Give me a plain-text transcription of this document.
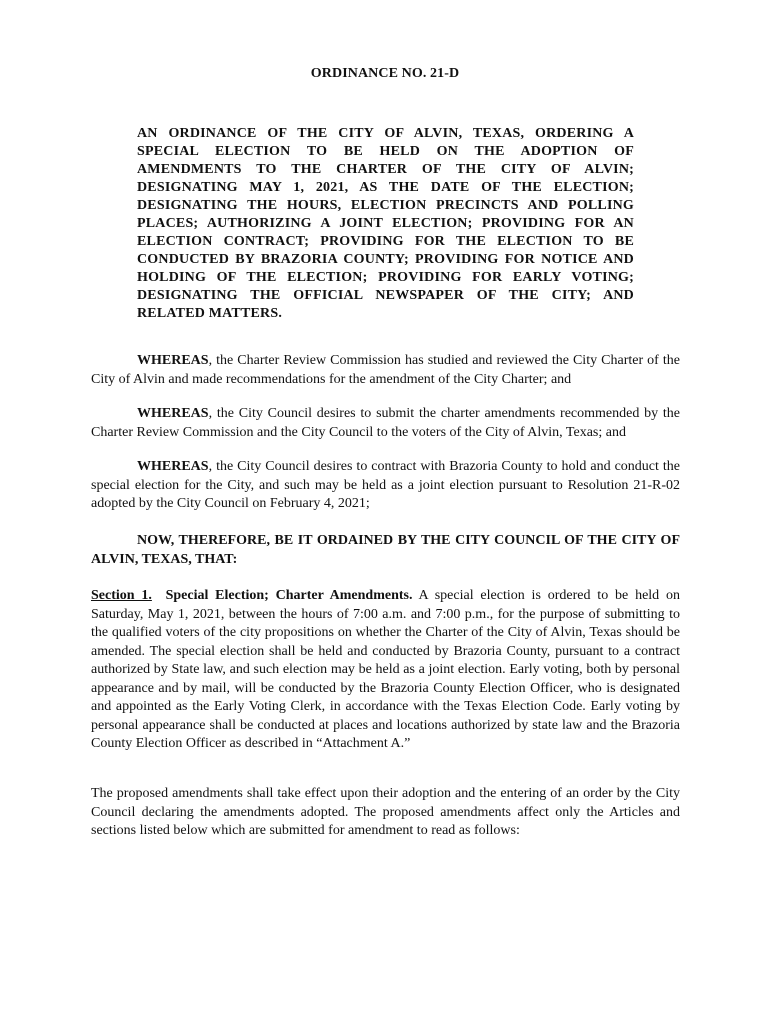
ORDINANCE NO. 21-D
AN ORDINANCE OF THE CITY OF ALVIN, TEXAS, ORDERING A SPECIAL ELECTION TO BE HELD ON THE ADOPTION OF AMENDMENTS TO THE CHARTER OF THE CITY OF ALVIN; DESIGNATING MAY 1, 2021, AS THE DATE OF THE ELECTION; DESIGNATING THE HOURS, ELECTION PRECINCTS AND POLLING PLACES; AUTHORIZING A JOINT ELECTION; PROVIDING FOR AN ELECTION CONTRACT; PROVIDING FOR THE ELECTION TO BE CONDUCTED BY BRAZORIA COUNTY; PROVIDING FOR NOTICE AND HOLDING OF THE ELECTION; PROVIDING FOR EARLY VOTING; DESIGNATING THE OFFICIAL NEWSPAPER OF THE CITY; AND RELATED MATTERS.

WHEREAS, the Charter Review Commission has studied and reviewed the City Charter of the City of Alvin and made recommendations for the amendment of the City Charter; and

WHEREAS, the City Council desires to submit the charter amendments recommended by the Charter Review Commission and the City Council to the voters of the City of Alvin, Texas; and

WHEREAS, the City Council desires to contract with Brazoria County to hold and conduct the special election for the City, and such may be held as a joint election pursuant to Resolution 21-R-02 adopted by the City Council on February 4, 2021;

NOW, THEREFORE, BE IT ORDAINED BY THE CITY COUNCIL OF THE CITY OF ALVIN, TEXAS, THAT:

Section 1. Special Election; Charter Amendments. A special election is ordered to be held on Saturday, May 1, 2021, between the hours of 7:00 a.m. and 7:00 p.m., for the purpose of submitting to the qualified voters of the city propositions on whether the Charter of the City of Alvin, Texas should be amended. The special election shall be held and conducted by Brazoria County, pursuant to a contract authorized by State law, and such election may be held as a joint election. Early voting, both by personal appearance and by mail, will be conducted by the Brazoria County Election Officer, who is designated and appointed as the Early Voting Clerk, in accordance with the Texas Election Code. Early voting by personal appearance shall be conducted at places and locations authorized by state law and the Brazoria County Election Officer as described in “Attachment A.”

The proposed amendments shall take effect upon their adoption and the entering of an order by the City Council declaring the amendments adopted. The proposed amendments affect only the Articles and sections listed below which are submitted for amendment to read as follows:
